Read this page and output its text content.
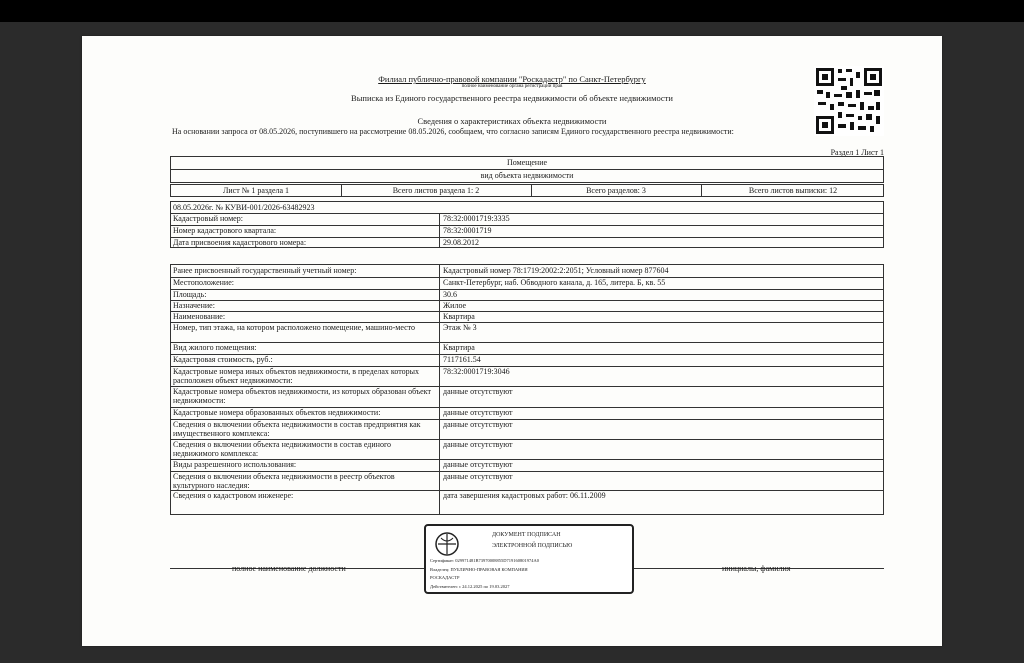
Филиал публично-правовой компании "Роскадастр" по Санкт-Петербургу
полное наименование органа регистрации прав
Выписка из Единого государственного реестра недвижимости об объекте недвижимости
Сведения о характеристиках объекта недвижимости
На основании запроса от 08.05.2026, поступившего на рассмотрение 08.05.2026, сообщаем, что согласно записям Единого государственного реестра недвижимости:
Раздел 1 Лист 1
Помещение
вид объекта недвижимости
Лист № 1 раздела 1	Всего листов раздела 1: 2	Всего разделов: 3	Всего листов выписки: 12
08.05.2026г. № КУВИ-001/2026-63482923
Кадастровый номер:	78:32:0001719:3335
Номер кадастрового квартала:	78:32:0001719
Дата присвоения кадастрового номера:	29.08.2012
Ранее присвоенный государственный учетный номер:	Кадастровый номер 78:1719:2002:2:2051; Условный номер 877604
Местоположение:	Санкт-Петербург, наб. Обводного канала, д. 165, литера. Б, кв. 55
Площадь:	30.6
Назначение:	Жилое
Наименование:	Квартира
Номер, тип этажа, на котором расположено помещение, машино-место	Этаж № 3
Вид жилого помещения:	Квартира
Кадастровая стоимость, руб.:	7117161.54
Кадастровые номера иных объектов недвижимости, в пределах которых расположен объект недвижимости:
78:32:0001719:3046
Кадастровые номера объектов недвижимости, из которых образован объект недвижимости:
данные отсутствуют
Кадастровые номера образованных объектов недвижимости:	данные отсутствуют
Сведения о включении объекта недвижимости в состав предприятия как имущественного комплекса:
данные отсутствуют
Сведения о включении объекта недвижимости в состав единого недвижимого комплекса:
данные отсутствуют
Виды разрешенного использования:	данные отсутствуют
Сведения о включении объекта недвижимости в реестр объектов культурного наследия:
данные отсутствуют
Сведения о кадастровом инженере:	дата завершения кадастровых работ: 06.11.2009
ДОКУМЕНТ ПОДПИСАН
ЭЛЕКТРОННОЙ ПОДПИСЬЮ
Сертификат: 029971481B73970008855D719160801974A0
Владелец: ПУБЛИЧНО-ПРАВОВАЯ КОМПАНИЯ
РОСКАДАСТР
Действителен: с 24.12.2025 по 19.03.2027
полное наименование должности	инициалы, фамилия
